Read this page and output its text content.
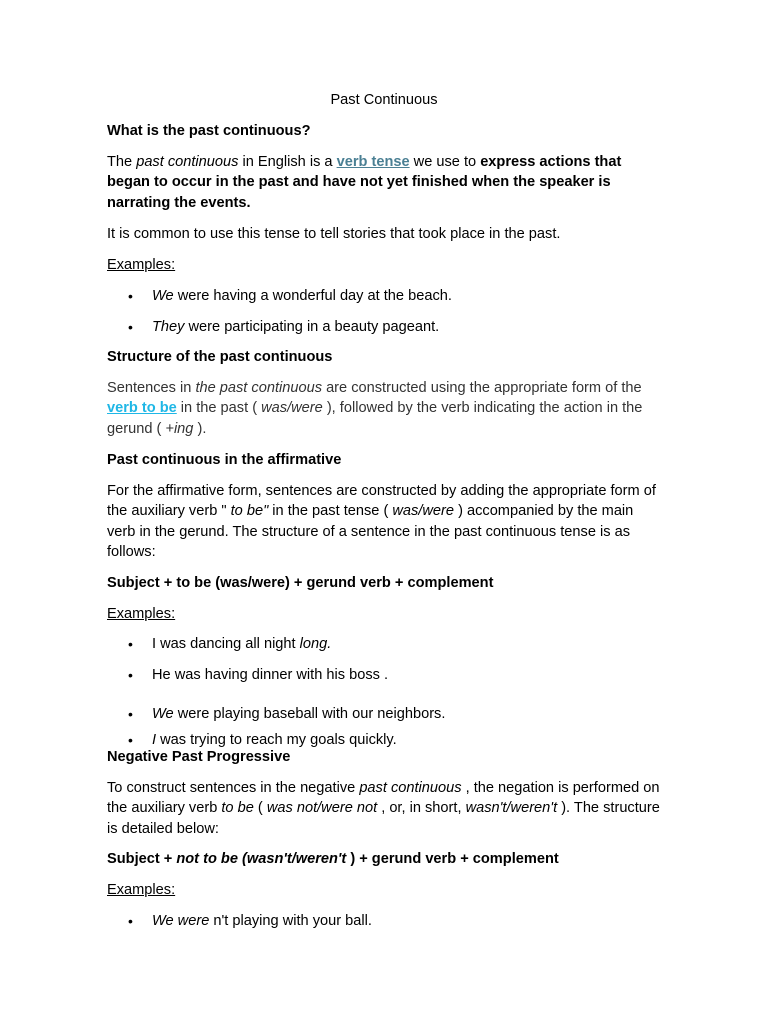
Past Continuous
What is the past continuous?
The past continuous in English is a verb tense we use to express actions that began to occur in the past and have not yet finished when the speaker is narrating the events.
It is common to use this tense to tell stories that took place in the past.
Examples:
• We were having a wonderful day at the beach.
• They were participating in a beauty pageant.
Structure of the past continuous
Sentences in the past continuous are constructed using the appropriate form of the verb to be in the past ( was/were ), followed by the verb indicating the action in the gerund ( +ing ).
Past continuous in the affirmative
For the affirmative form, sentences are constructed by adding the appropriate form of the auxiliary verb " to be" in the past tense ( was/were ) accompanied by the main verb in the gerund. The structure of a sentence in the past continuous tense is as follows:
Subject + to be (was/were) + gerund verb + complement
Examples:
• I was dancing all night long.
• He was having dinner with his boss .
• We were playing baseball with our neighbors.
• I was trying to reach my goals quickly.
Negative Past Progressive
To construct sentences in the negative past continuous , the negation is performed on the auxiliary verb to be ( was not/were not , or, in short, wasn't/weren't ). The structure is detailed below:
Subject + not to be (wasn't/weren't ) + gerund verb + complement
Examples:
• We were n't playing with your ball.
